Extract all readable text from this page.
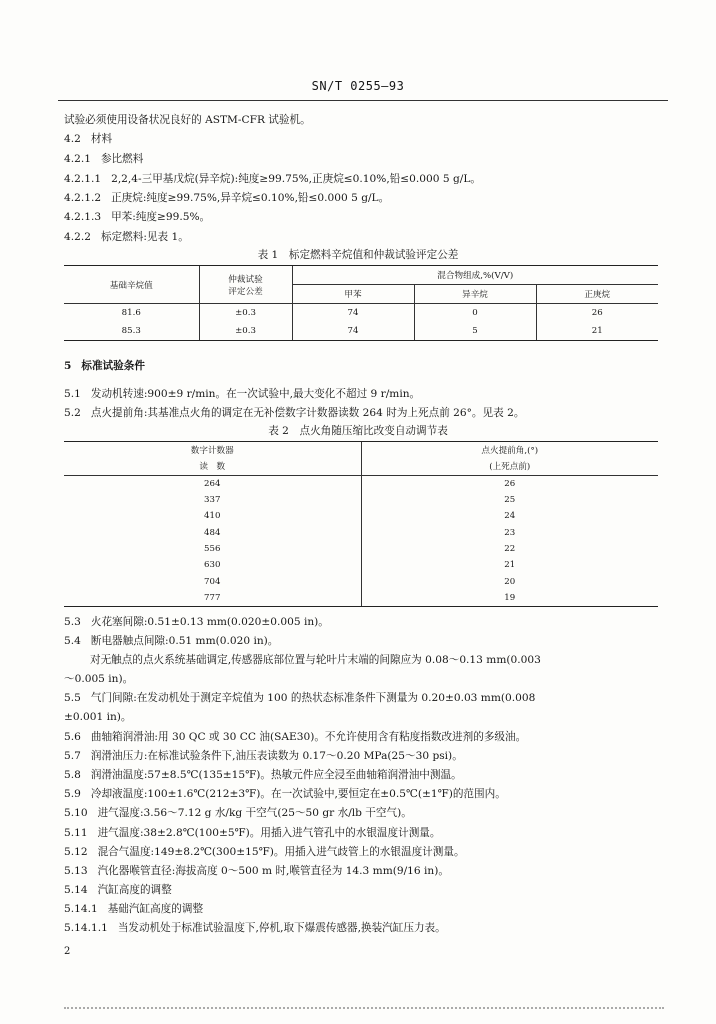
SN/T 0255—93
试验必须使用设备状况良好的 ASTM-CFR 试验机。
4.2 材料
4.2.1 参比燃料
4.2.1.1 2,2,4-三甲基戊烷(异辛烷):纯度≥99.75%,正庚烷≤0.10%,铅≤0.000 5 g/L。
4.2.1.2 正庚烷:纯度≥99.75%,异辛烷≤0.10%,铅≤0.000 5 g/L。
4.2.1.3 甲苯:纯度≥99.5%。
4.2.2 标定燃料:见表 1。
表 1　标定燃料辛烷值和仲裁试验评定公差
基础辛烷值	仲裁试验
评定公差	混合物组成,%(V/V)		
		甲苯	异辛烷	正庚烷
81.6	±0.3	74	0	26
85.3	±0.3	74	5	21
5 标准试验条件
5.1 发动机转速:900±9 r/min。在一次试验中,最大变化不超过 9 r/min。
5.2 点火提前角:其基准点火角的调定在无补偿数字计数器读数 264 时为上死点前 26°。见表 2。
表 2　点火角随压缩比改变自动调节表
数字计数器	点火提前角,(°)

读　数	(上死点前)
264	26
337	25
410	24
484	23
556	22
630	21
704	20
777	19
5.3 火花塞间隙:0.51±0.13 mm(0.020±0.005 in)。
5.4 断电器触点间隙:0.51 mm(0.020 in)。
对无触点的点火系统基础调定,传感器底部位置与轮叶片末端的间隙应为 0.08～0.13 mm(0.003
～0.005 in)。
5.5 气门间隙:在发动机处于测定辛烷值为 100 的热状态标准条件下测量为 0.20±0.03 mm(0.008
±0.001 in)。
5.6 曲轴箱润滑油:用 30 QC 或 30 CC 油(SAE30)。不允许使用含有粘度指数改进剂的多级油。
5.7 润滑油压力:在标准试验条件下,油压表读数为 0.17～0.20 MPa(25～30 psi)。
5.8 润滑油温度:57±8.5℃(135±15℉)。热敏元件应全浸至曲轴箱润滑油中测温。
5.9 冷却液温度:100±1.6℃(212±3℉)。在一次试验中,要恒定在±0.5℃(±1℉)的范围内。
5.10 进气湿度:3.56～7.12 g 水/kg 干空气(25～50 gr 水/lb 干空气)。
5.11 进气温度:38±2.8℃(100±5℉)。用插入进气管孔中的水银温度计测量。
5.12 混合气温度:149±8.2℃(300±15℉)。用插入进气歧管上的水银温度计测量。
5.13 汽化器喉管直径:海拔高度 0～500 m 时,喉管直径为 14.3 mm(9/16 in)。
5.14 汽缸高度的调整
5.14.1 基础汽缸高度的调整
5.14.1.1 当发动机处于标准试验温度下,停机,取下爆震传感器,换装汽缸压力表。
2
